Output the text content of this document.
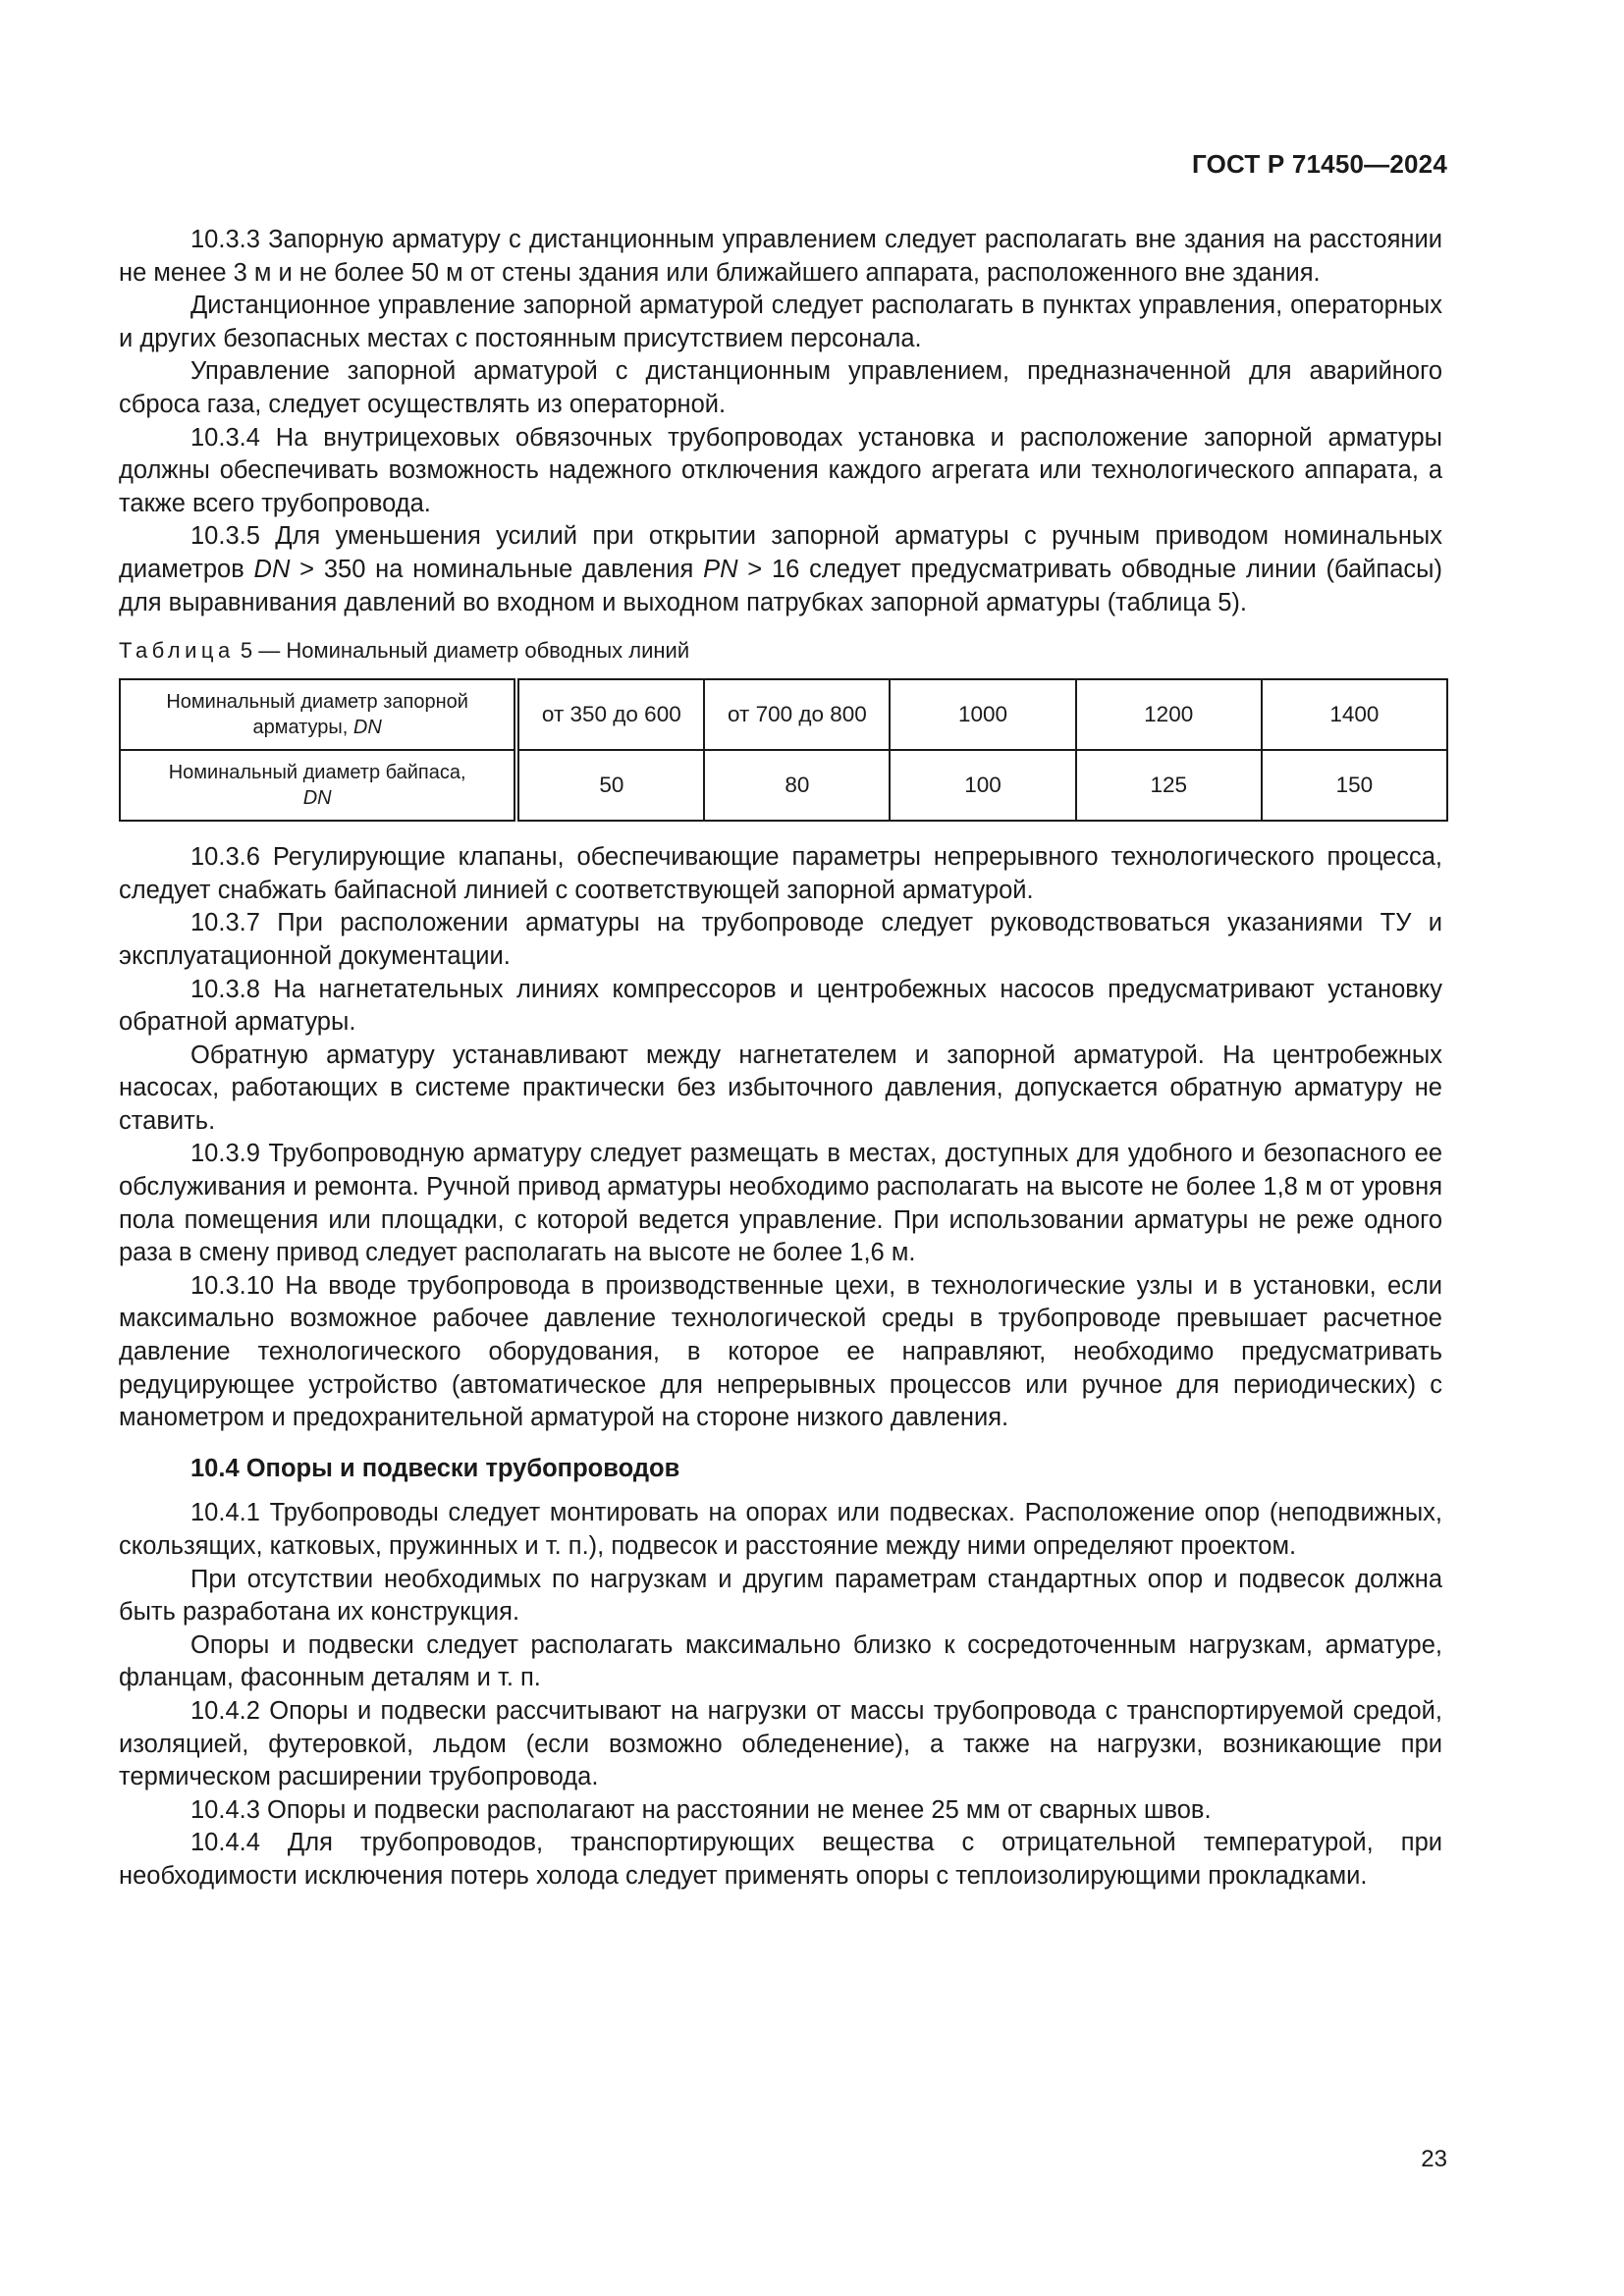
ГОСТ Р 71450—2024

10.3.3 Запорную арматуру с дистанционным управлением следует располагать вне здания на расстоянии не менее 3 м и не более 50 м от стены здания или ближайшего аппарата, расположенного вне здания.

Дистанционное управление запорной арматурой следует располагать в пунктах управления, операторных и других безопасных местах с постоянным присутствием персонала.

Управление запорной арматурой с дистанционным управлением, предназначенной для аварийного сброса газа, следует осуществлять из операторной.

10.3.4 На внутрицеховых обвязочных трубопроводах установка и расположение запорной арматуры должны обеспечивать возможность надежного отключения каждого агрегата или технологического аппарата, а также всего трубопровода.

10.3.5 Для уменьшения усилий при открытии запорной арматуры с ручным приводом номинальных диаметров DN > 350 на номинальные давления PN > 16 следует предусматривать обводные линии (байпасы) для выравнивания давлений во входном и выходном патрубках запорной арматуры (таблица 5).

Таблица 5 — Номинальный диаметр обводных линий
Номинальный диаметр запорной арматуры, DN	от 350 до 600	от 700 до 800	1000	1200	1400
Номинальный диаметр байпаса,
DN	50	80	100	125	150

10.3.6 Регулирующие клапаны, обеспечивающие параметры непрерывного технологического процесса, следует снабжать байпасной линией с соответствующей запорной арматурой.

10.3.7 При расположении арматуры на трубопроводе следует руководствоваться указаниями ТУ и эксплуатационной документации.

10.3.8 На нагнетательных линиях компрессоров и центробежных насосов предусматривают установку обратной арматуры.

Обратную арматуру устанавливают между нагнетателем и запорной арматурой. На центробежных насосах, работающих в системе практически без избыточного давления, допускается обратную арматуру не ставить.

10.3.9 Трубопроводную арматуру следует размещать в местах, доступных для удобного и безопасного ее обслуживания и ремонта. Ручной привод арматуры необходимо располагать на высоте не более 1,8 м от уровня пола помещения или площадки, с которой ведется управление. При использовании арматуры не реже одного раза в смену привод следует располагать на высоте не более 1,6 м.

10.3.10 На вводе трубопровода в производственные цехи, в технологические узлы и в установки, если максимально возможное рабочее давление технологической среды в трубопроводе превышает расчетное давление технологического оборудования, в которое ее направляют, необходимо предусматривать редуцирующее устройство (автоматическое для непрерывных процессов или ручное для периодических) с манометром и предохранительной арматурой на стороне низкого давления.

10.4 Опоры и подвески трубопроводов

10.4.1 Трубопроводы следует монтировать на опорах или подвесках. Расположение опор (неподвижных, скользящих, катковых, пружинных и т. п.), подвесок и расстояние между ними определяют проектом.

При отсутствии необходимых по нагрузкам и другим параметрам стандартных опор и подвесок должна быть разработана их конструкция.

Опоры и подвески следует располагать максимально близко к сосредоточенным нагрузкам, арматуре, фланцам, фасонным деталям и т. п.

10.4.2 Опоры и подвески рассчитывают на нагрузки от массы трубопровода с транспортируемой средой, изоляцией, футеровкой, льдом (если возможно обледенение), а также на нагрузки, возникающие при термическом расширении трубопровода.

10.4.3 Опоры и подвески располагают на расстоянии не менее 25 мм от сварных швов.

10.4.4 Для трубопроводов, транспортирующих вещества с отрицательной температурой, при необходимости исключения потерь холода следует применять опоры с теплоизолирующими прокладками.

23
